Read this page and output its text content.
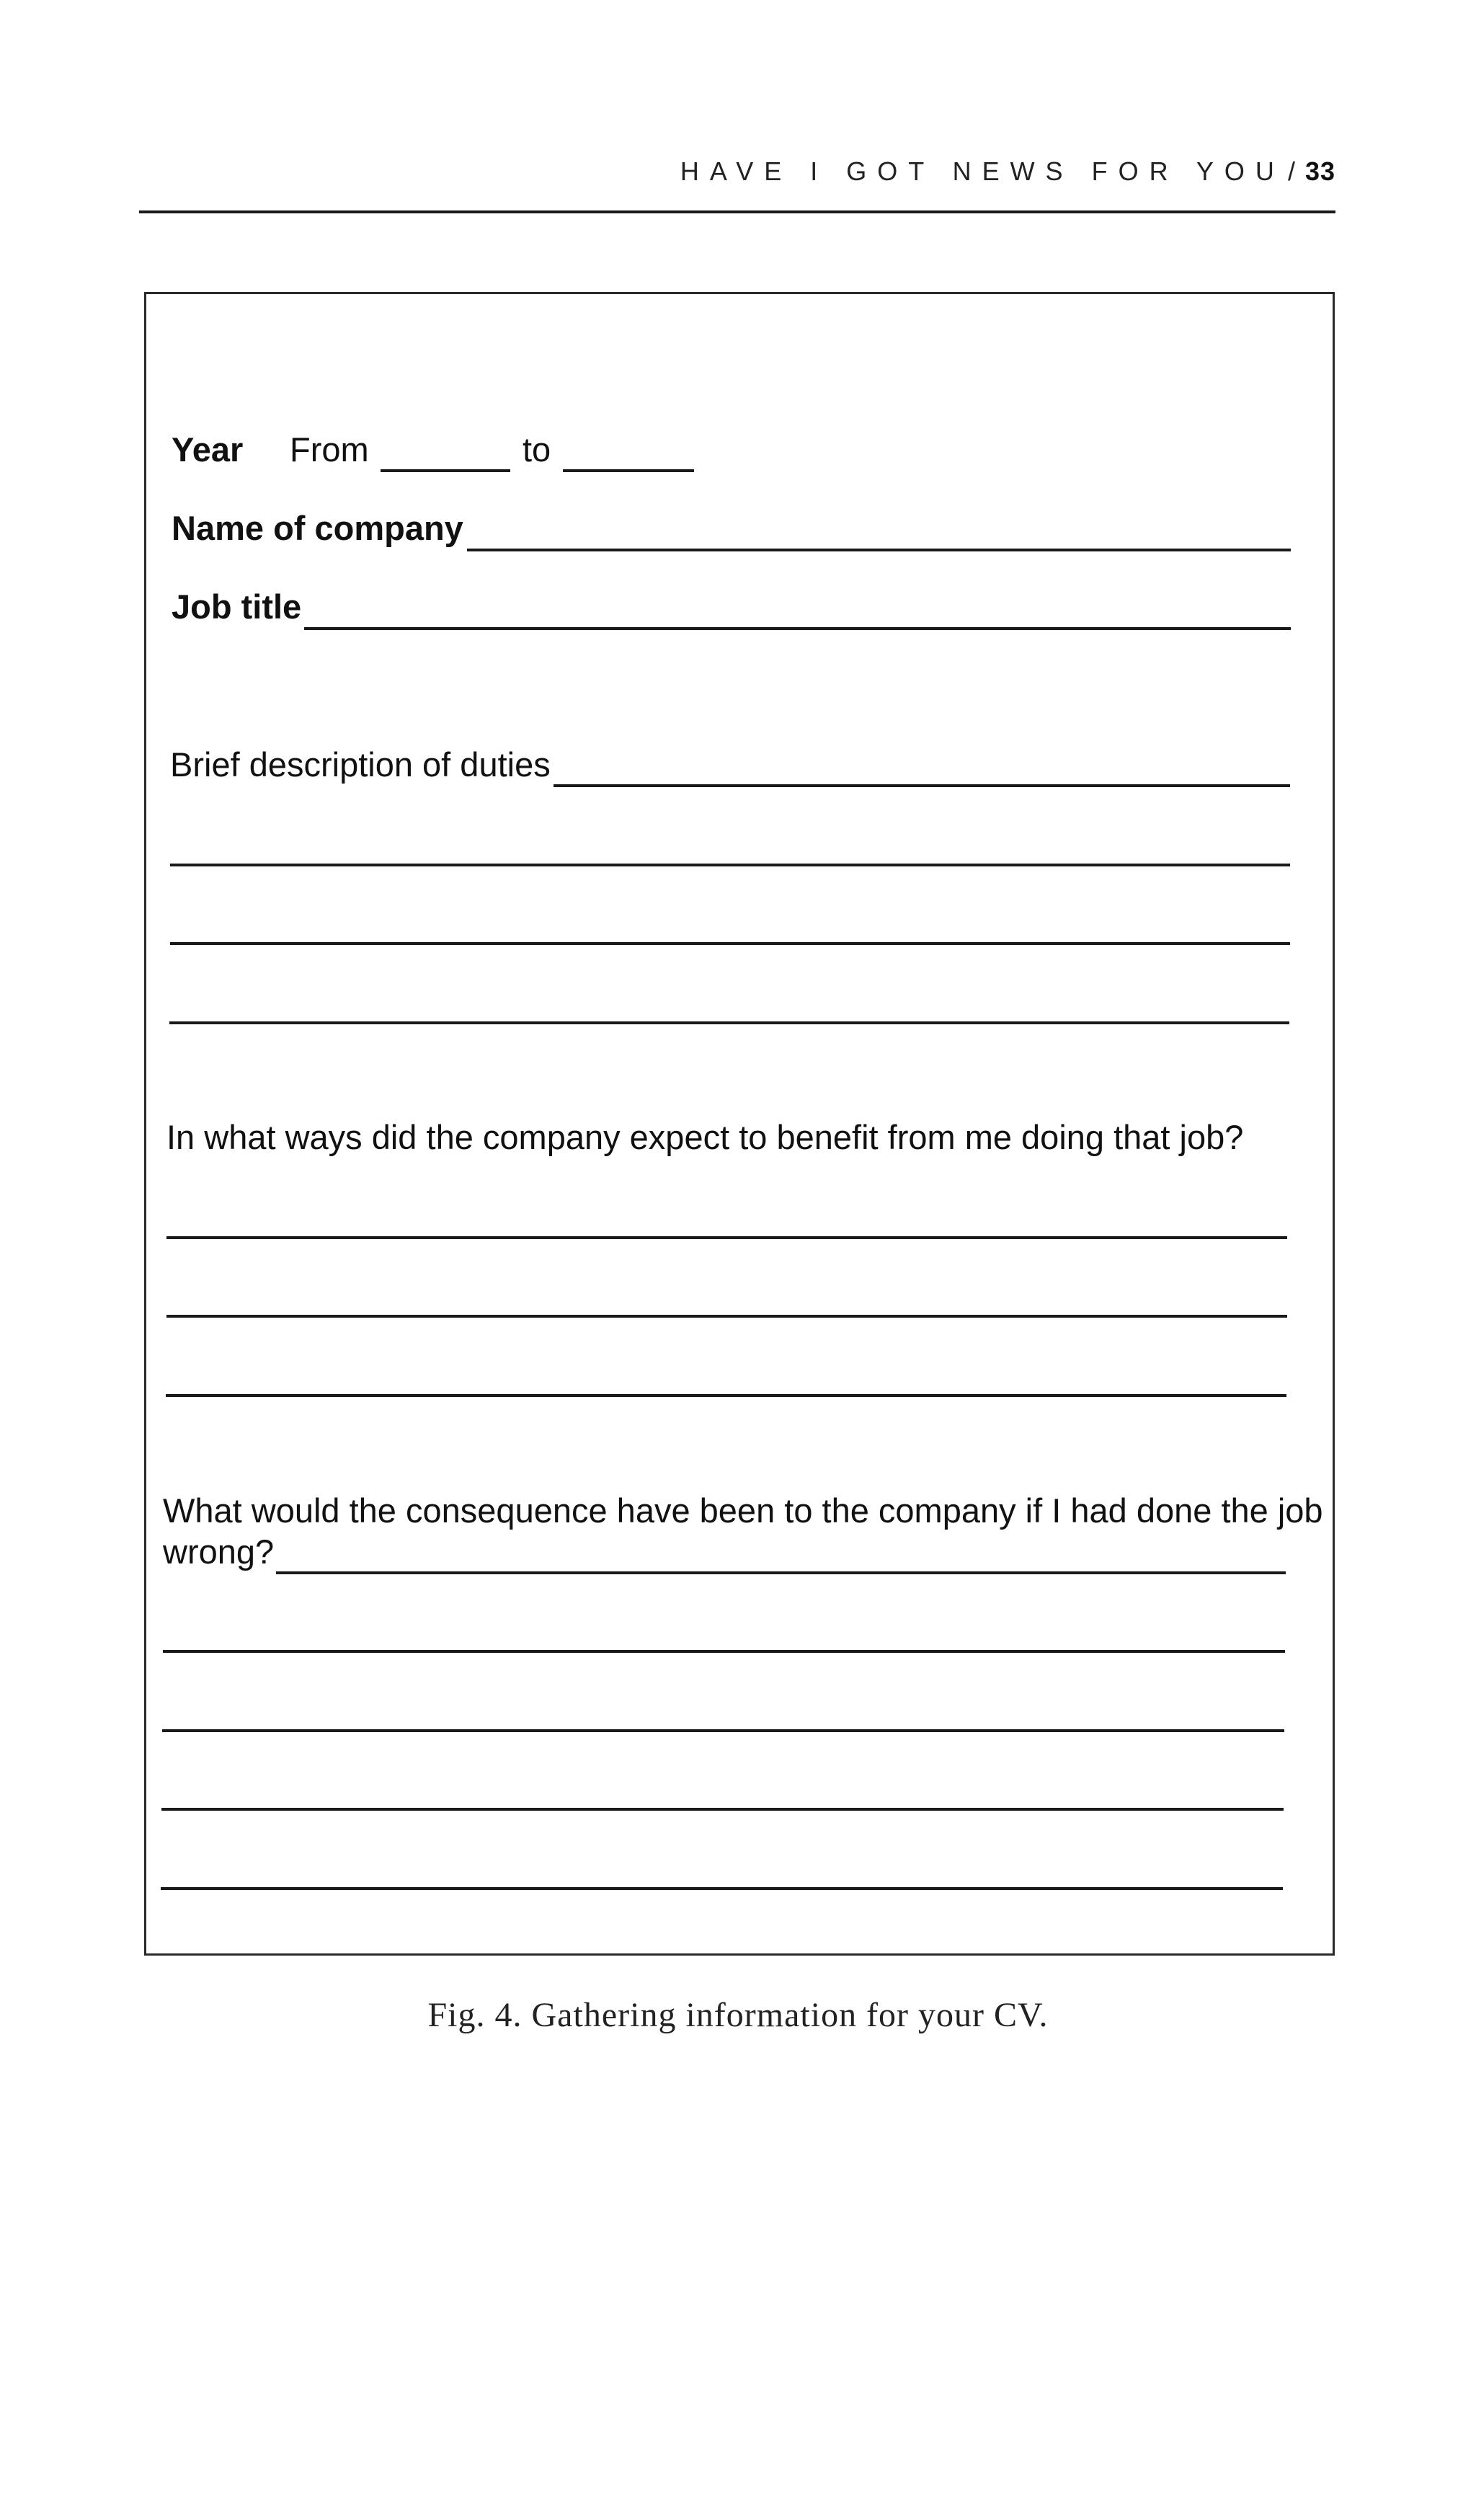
HAVE I GOT NEWS FOR YOU / 33
Year From	to
Name of company
Job title
Brief description of duties
In what ways did the company expect to benefit from me doing that job?
What would the consequence have been to the company if I had done the job
wrong?
Fig. 4. Gathering information for your CV.
